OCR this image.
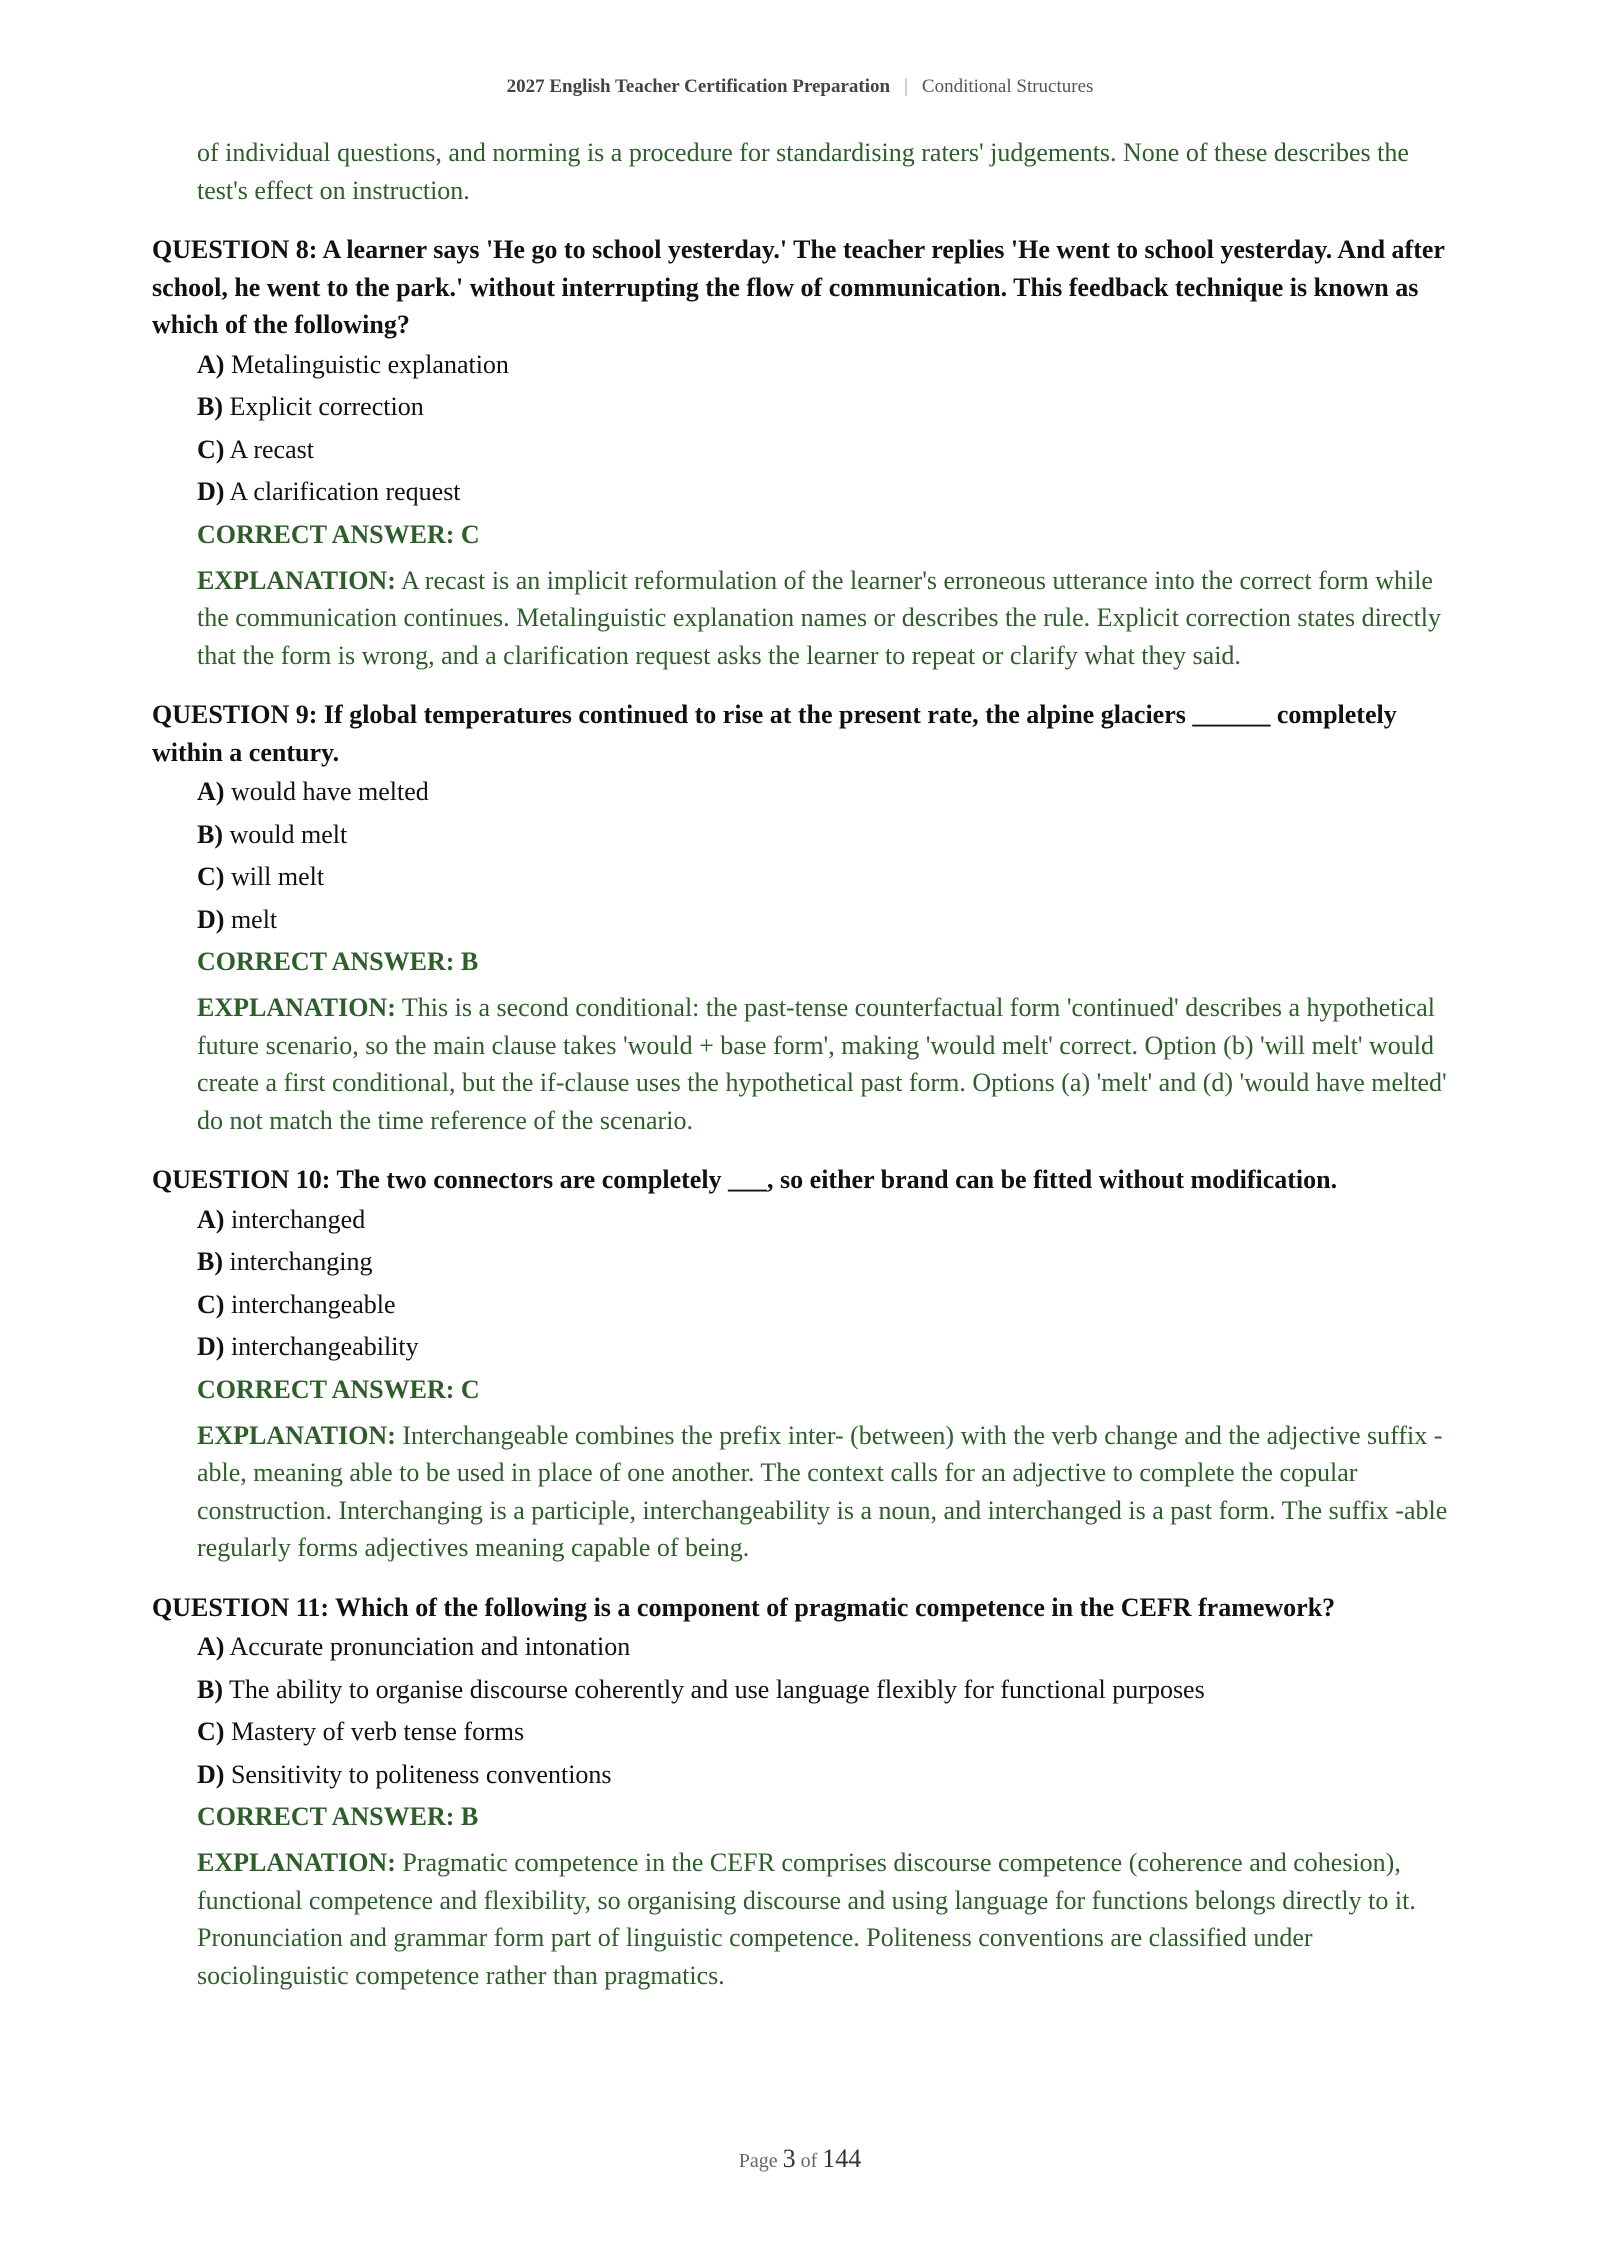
2027 English Teacher Certification Preparation | Conditional Structures

of individual questions, and norming is a procedure for standardising raters' judgements. None of these describes the test's effect on instruction.

QUESTION 8: A learner says 'He go to school yesterday.' The teacher replies 'He went to school yesterday. And after school, he went to the park.' without interrupting the flow of communication. This feedback technique is known as which of the following?

A) Metalinguistic explanation
B) Explicit correction
C) A recast
D) A clarification request

CORRECT ANSWER: C

EXPLANATION: A recast is an implicit reformulation of the learner's erroneous utterance into the correct form while the communication continues. Metalinguistic explanation names or describes the rule. Explicit correction states directly that the form is wrong, and a clarification request asks the learner to repeat or clarify what they said.

QUESTION 9: If global temperatures continued to rise at the present rate, the alpine glaciers ______ completely within a century.

A) would have melted
B) would melt
C) will melt
D) melt

CORRECT ANSWER: B

EXPLANATION: This is a second conditional: the past-tense counterfactual form 'continued' describes a hypothetical future scenario, so the main clause takes 'would + base form', making 'would melt' correct. Option (b) 'will melt' would create a first conditional, but the if-clause uses the hypothetical past form. Options (a) 'melt' and (d) 'would have melted' do not match the time reference of the scenario.

QUESTION 10: The two connectors are completely ___, so either brand can be fitted without modification.

A) interchanged
B) interchanging
C) interchangeable
D) interchangeability

CORRECT ANSWER: C

EXPLANATION: Interchangeable combines the prefix inter- (between) with the verb change and the adjective suffix -able, meaning able to be used in place of one another. The context calls for an adjective to complete the copular construction. Interchanging is a participle, interchangeability is a noun, and interchanged is a past form. The suffix -able regularly forms adjectives meaning capable of being.

QUESTION 11: Which of the following is a component of pragmatic competence in the CEFR framework?

A) Accurate pronunciation and intonation
B) The ability to organise discourse coherently and use language flexibly for functional purposes
C) Mastery of verb tense forms
D) Sensitivity to politeness conventions

CORRECT ANSWER: B

EXPLANATION: Pragmatic competence in the CEFR comprises discourse competence (coherence and cohesion), functional competence and flexibility, so organising discourse and using language for functions belongs directly to it. Pronunciation and grammar form part of linguistic competence. Politeness conventions are classified under sociolinguistic competence rather than pragmatics.

Page 3 of 144
